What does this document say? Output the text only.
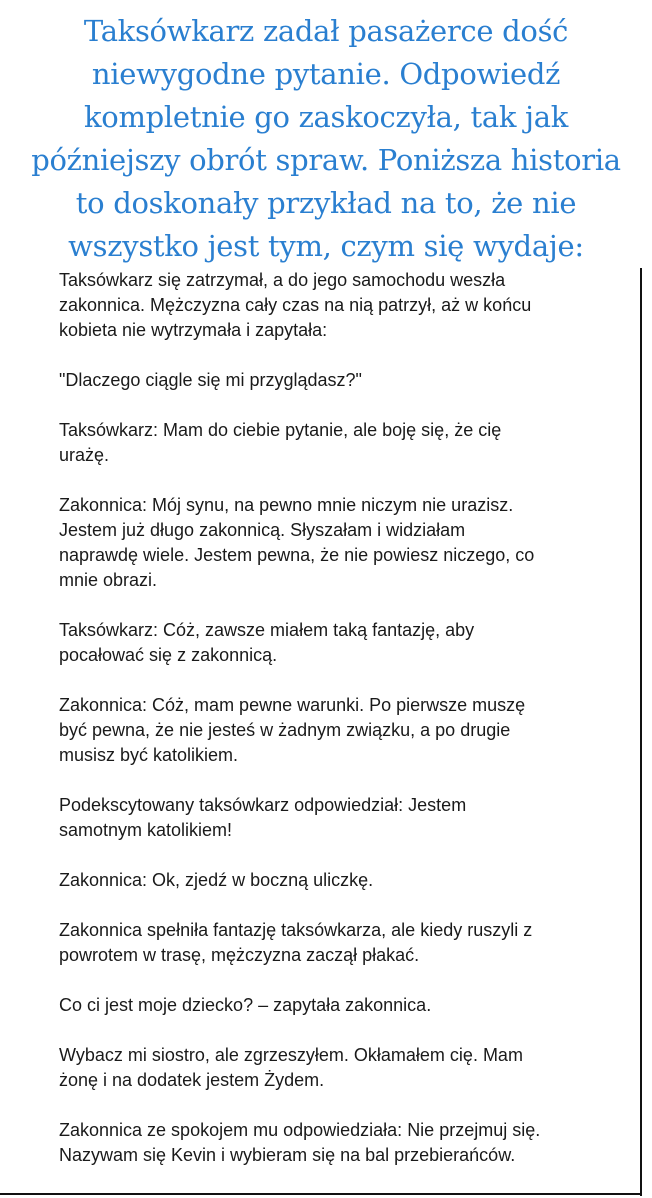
Taksówkarz zadał pasażerce dość
niewygodne pytanie. Odpowiedź
kompletnie go zaskoczyła, tak jak
późniejszy obrót spraw. Poniższa historia
to doskonały przykład na to, że nie
wszystko jest tym, czym się wydaje:

Taksówkarz się zatrzymał, a do jego samochodu weszła
zakonnica. Mężczyzna cały czas na nią patrzył, aż w końcu
kobieta nie wytrzymała i zapytała:

"Dlaczego ciągle się mi przyglądasz?"

Taksówkarz: Mam do ciebie pytanie, ale boję się, że cię
urażę.

Zakonnica: Mój synu, na pewno mnie niczym nie urazisz.
Jestem już długo zakonnicą. Słyszałam i widziałam
naprawdę wiele. Jestem pewna, że nie powiesz niczego, co
mnie obrazi.

Taksówkarz: Cóż, zawsze miałem taką fantazję, aby
pocałować się z zakonnicą.

Zakonnica: Cóż, mam pewne warunki. Po pierwsze muszę
być pewna, że nie jesteś w żadnym związku, a po drugie
musisz być katolikiem.

Podekscytowany taksówkarz odpowiedział: Jestem
samotnym katolikiem!

Zakonnica: Ok, zjedź w boczną uliczkę.

Zakonnica spełniła fantazję taksówkarza, ale kiedy ruszyli z
powrotem w trasę, mężczyzna zaczął płakać.

Co ci jest moje dziecko? – zapytała zakonnica.

Wybacz mi siostro, ale zgrzeszyłem. Okłamałem cię. Mam
żonę i na dodatek jestem Żydem.

Zakonnica ze spokojem mu odpowiedziała: Nie przejmuj się.
Nazywam się Kevin i wybieram się na bal przebierańców.
